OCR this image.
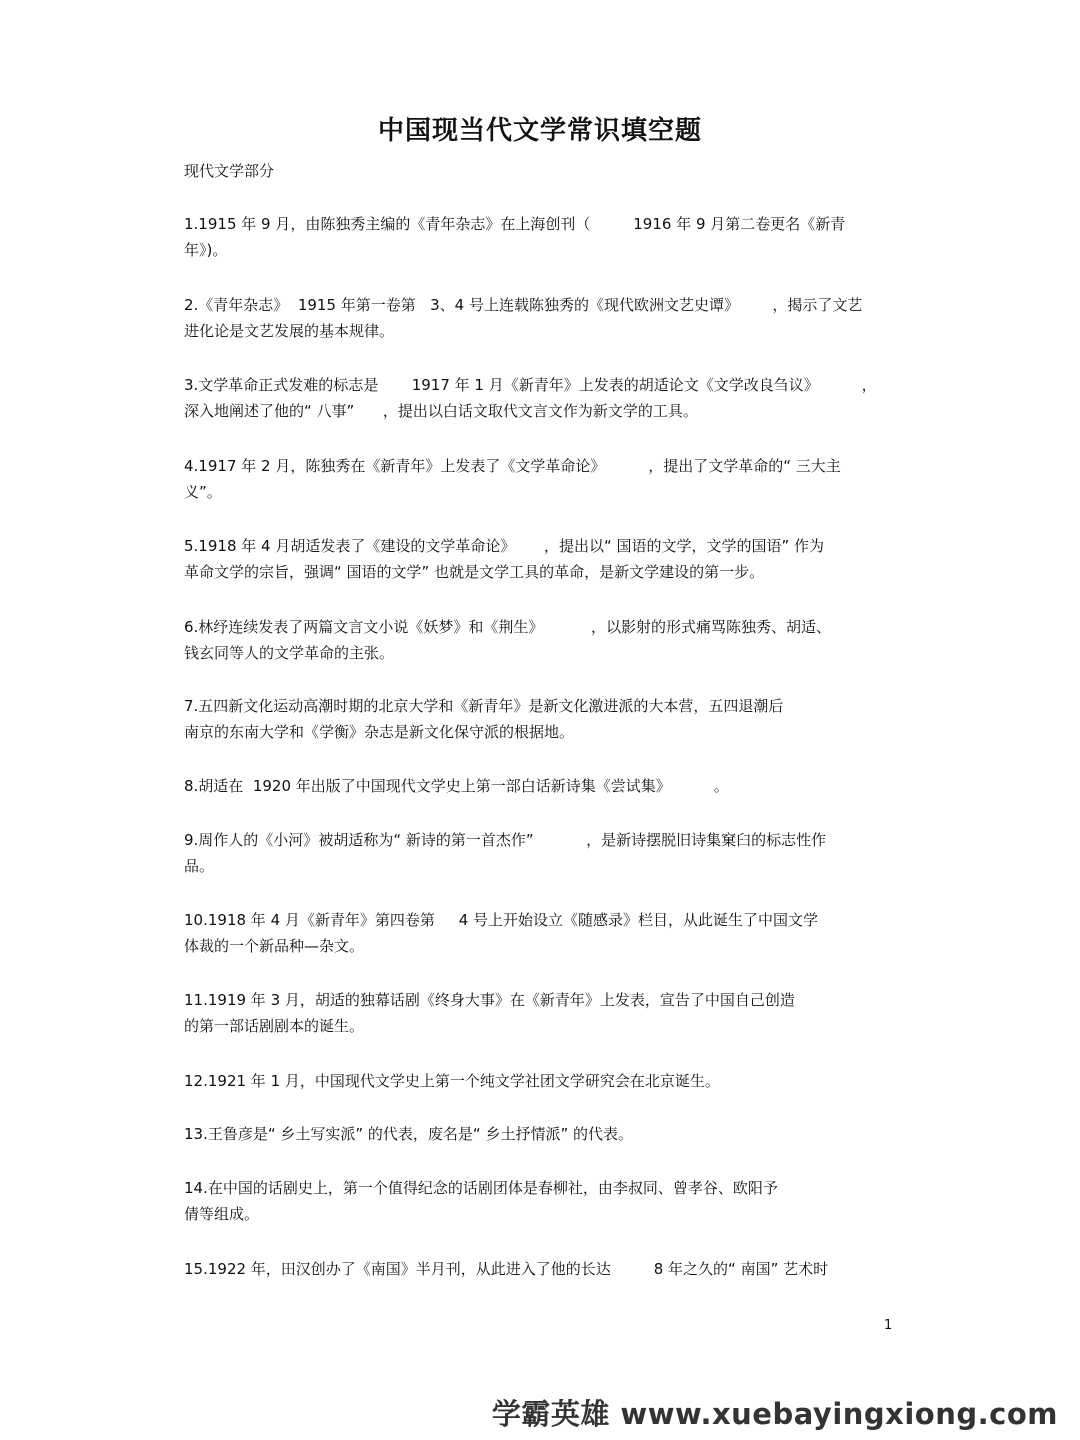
中国现当代文学常识填空题
现代文学部分
1.1915 年 9 月，由陈独秀主编的《青年杂志》在上海创刊（         1916 年 9 月第二卷更名《新青
年》)。
2.《青年杂志》  1915 年第一卷第   3、4 号上连载陈独秀的《现代欧洲文艺史谭》       ，揭示了文艺
进化论是文艺发展的基本规律。
3.文学革命正式发难的标志是       1917 年 1 月《新青年》上发表的胡适论文《文学改良刍议》         ，
深入地阐述了他的“ 八事”      ，提出以白话文取代文言文作为新文学的工具。
4.1917 年 2 月，陈独秀在《新青年》上发表了《文学革命论》         ，提出了文学革命的“ 三大主
义”。
5.1918 年 4 月胡适发表了《建设的文学革命论》      ，提出以“ 国语的文学，文学的国语” 作为
革命文学的宗旨，强调“ 国语的文学” 也就是文学工具的革命，是新文学建设的第一步。
6.林纾连续发表了两篇文言文小说《妖梦》和《荆生》          ，以影射的形式痛骂陈独秀、胡适、
钱玄同等人的文学革命的主张。
7.五四新文化运动高潮时期的北京大学和《新青年》是新文化激进派的大本营，五四退潮后
南京的东南大学和《学衡》杂志是新文化保守派的根据地。
8.胡适在  1920 年出版了中国现代文学史上第一部白话新诗集《尝试集》         。
9.周作人的《小河》被胡适称为“ 新诗的第一首杰作”           ，是新诗摆脱旧诗集窠臼的标志性作
品。
10.1918 年 4 月《新青年》第四卷第     4 号上开始设立《随感录》栏目，从此诞生了中国文学
体裁的一个新品种—杂文。
11.1919 年 3 月，胡适的独幕话剧《终身大事》在《新青年》上发表，宣告了中国自己创造
的第一部话剧剧本的诞生。
12.1921 年 1 月，中国现代文学史上第一个纯文学社团文学研究会在北京诞生。
13.王鲁彦是“ 乡土写实派” 的代表，废名是“ 乡土抒情派” 的代表。
14.在中国的话剧史上，第一个值得纪念的话剧团体是春柳社，由李叔同、曾孝谷、欧阳予
倩等组成。
15.1922 年，田汉创办了《南国》半月刊，从此进入了他的长达         8 年之久的“ 南国” 艺术时
1
学霸英雄 www.xuebayingxiong.com
